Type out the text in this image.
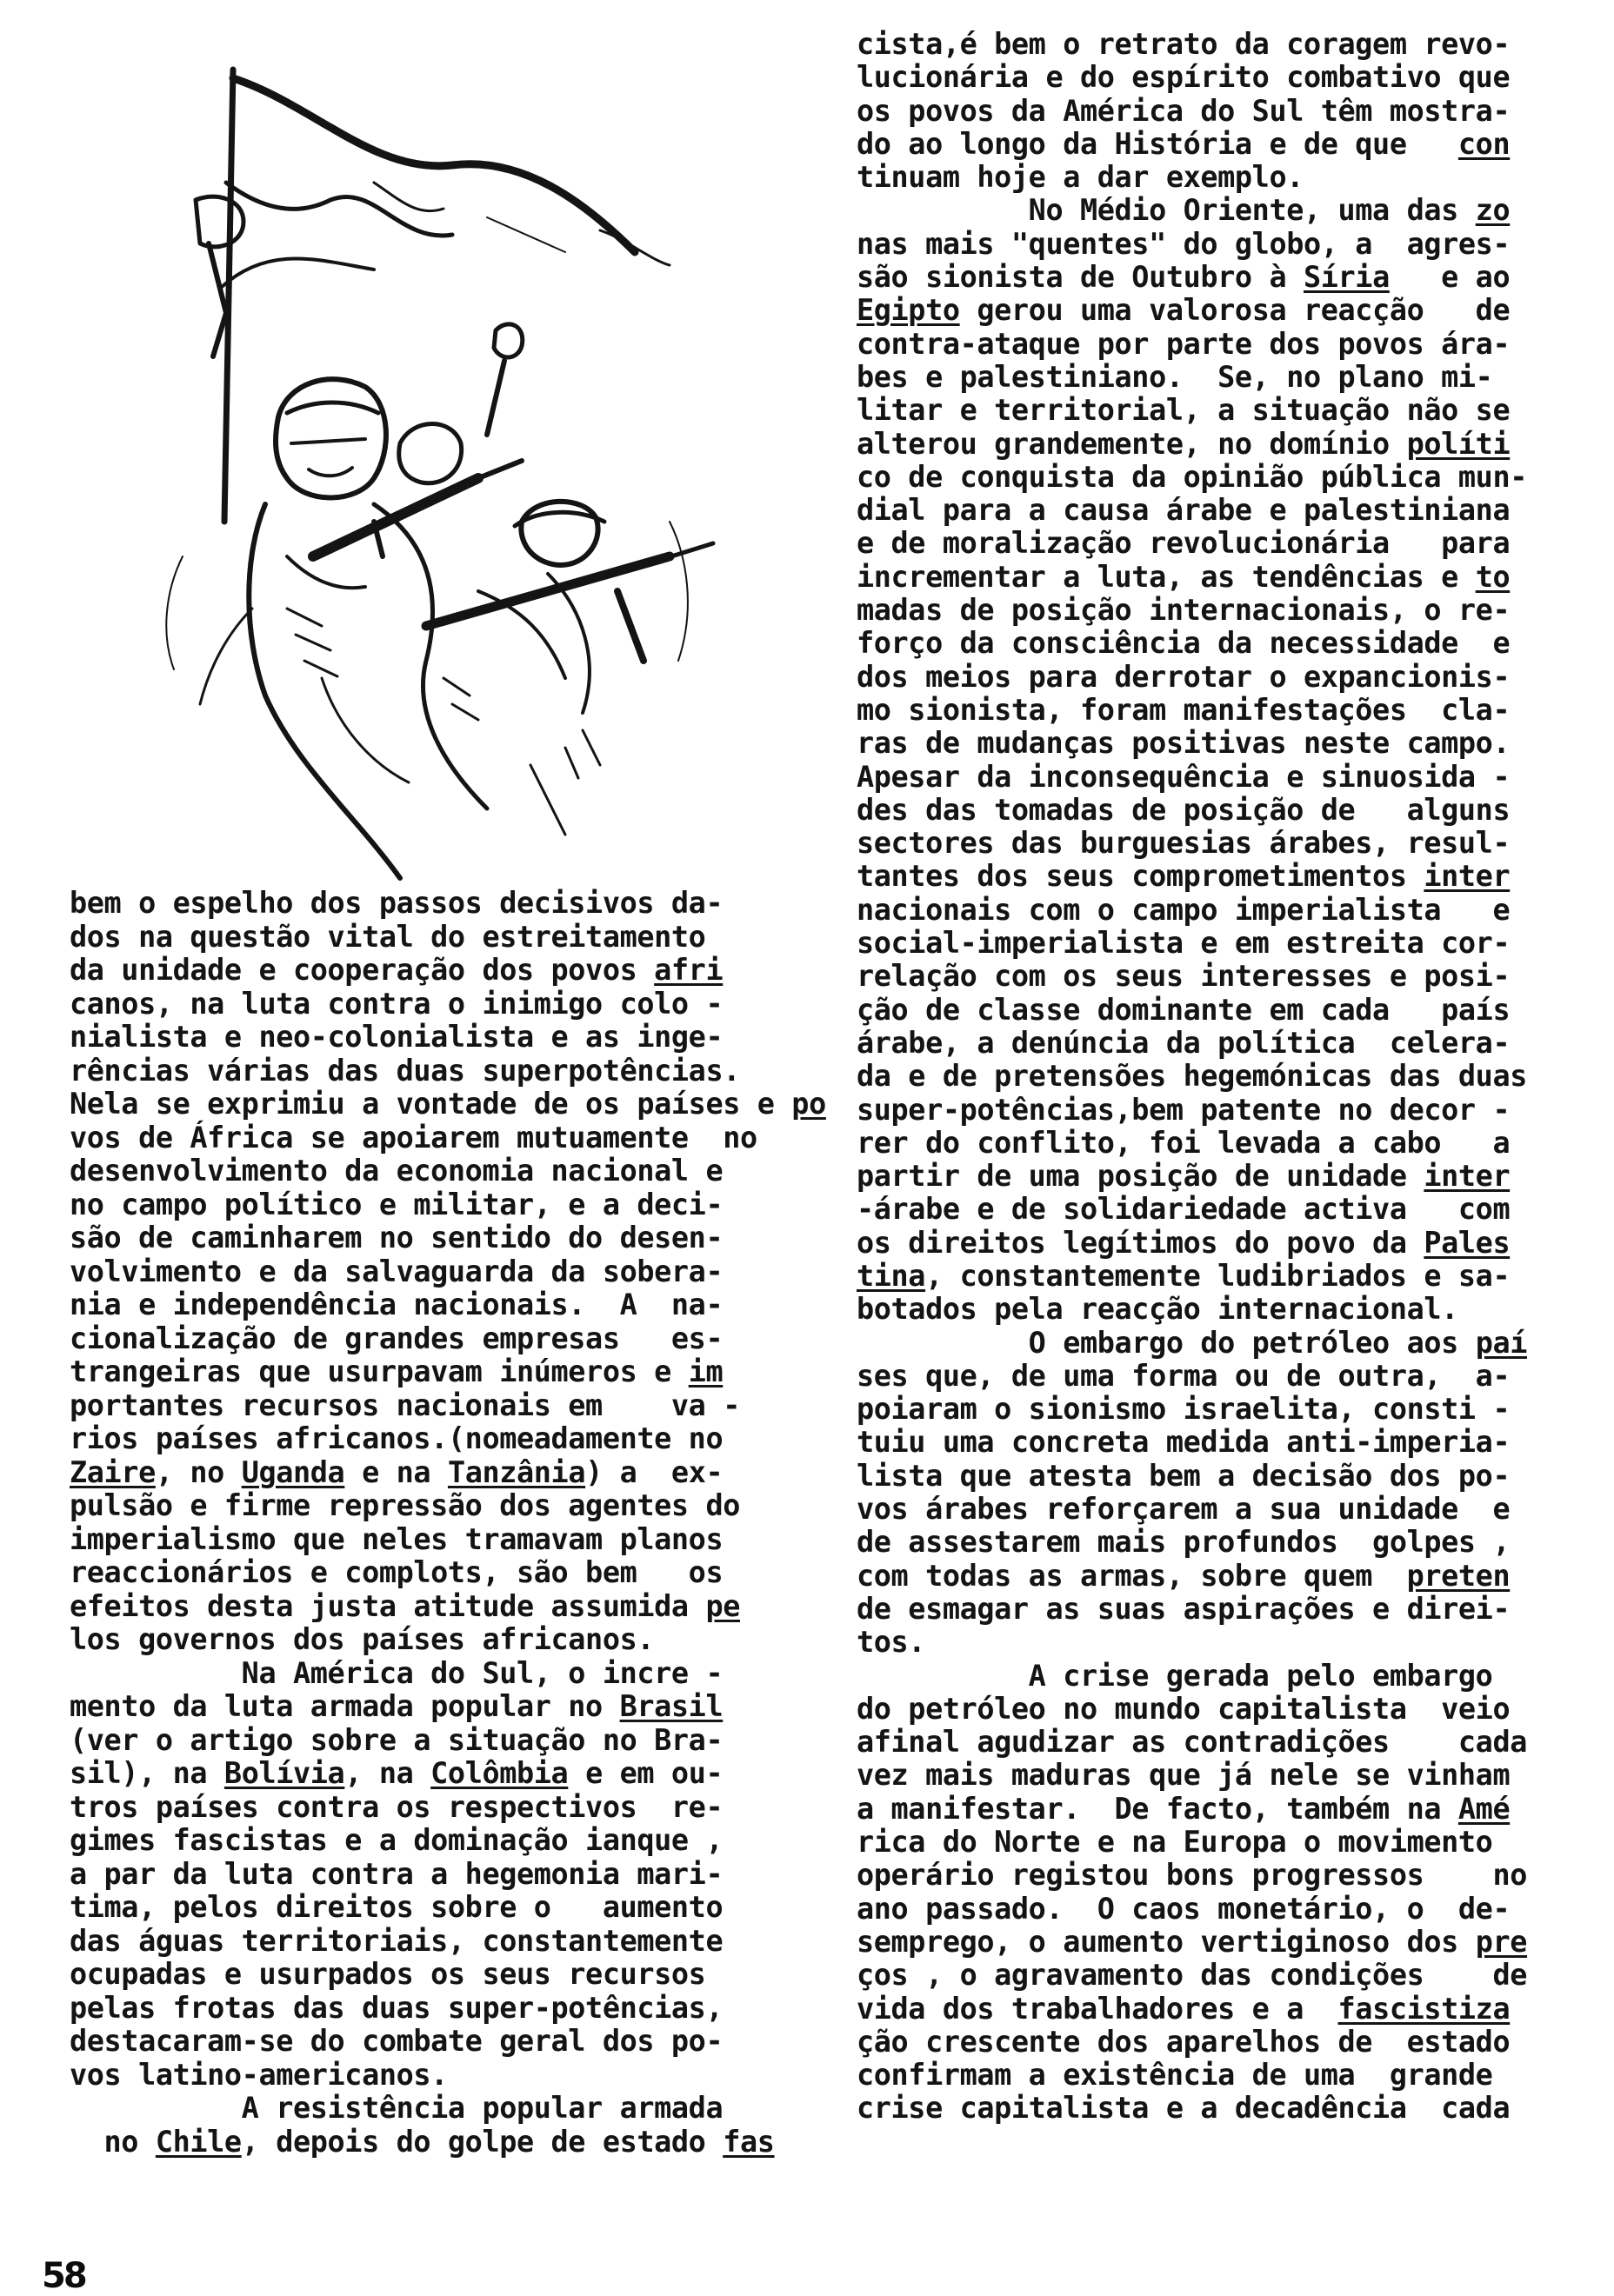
bem o espelho dos passos decisivos da-
dos na questão vital do estreitamento
da unidade e cooperação dos povos afri
canos, na luta contra o inimigo colo -
nialista e neo-colonialista e as inge-
rências várias das duas superpotências.
Nela se exprimiu a vontade de os países e po
vos de África se apoiarem mutuamente  no
desenvolvimento da economia nacional e
no campo político e militar, e a deci-
são de caminharem no sentido do desen-
volvimento e da salvaguarda da sobera-
nia e independência nacionais.  A  na-
cionalização de grandes empresas   es-
trangeiras que usurpavam inúmeros e im
portantes recursos nacionais em    va -
rios países africanos.(nomeadamente no
Zaire, no Uganda e na Tanzânia) a  ex-
pulsão e firme repressão dos agentes do
imperialismo que neles tramavam planos
reaccionários e complots, são bem   os
efeitos desta justa atitude assumida pe
los governos dos países africanos.
Na América do Sul, o incre -
mento da luta armada popular no Brasil
(ver o artigo sobre a situação no Bra-
sil), na Bolívia, na Colômbia e em ou-
tros países contra os respectivos  re-
gimes fascistas e a dominação ianque ,
a par da luta contra a hegemonia mari-
tima, pelos direitos sobre o   aumento
das águas territoriais, constantemente
ocupadas e usurpados os seus recursos
pelas frotas das duas super-potências,
destacaram-se do combate geral dos po-
vos latino-americanos.
A resistência popular armada
no Chile, depois do golpe de estado fas
cista,é bem o retrato da coragem revo-
lucionária e do espírito combativo que
os povos da América do Sul têm mostra-
do ao longo da História e de que   con
tinuam hoje a dar exemplo.
No Médio Oriente, uma das zo
nas mais "quentes" do globo, a  agres-
são sionista de Outubro à Síria   e ao
Egipto gerou uma valorosa reacção   de
contra-ataque por parte dos povos ára-
bes e palestiniano.  Se, no plano mi-
litar e territorial, a situação não se
alterou grandemente, no domínio políti
co de conquista da opinião pública mun-
dial para a causa árabe e palestiniana
e de moralização revolucionária   para
incrementar a luta, as tendências e to
madas de posição internacionais, o re-
forço da consciência da necessidade  e
dos meios para derrotar o expancionis-
mo sionista, foram manifestações  cla-
ras de mudanças positivas neste campo.
Apesar da inconsequência e sinuosida -
des das tomadas de posição de   alguns
sectores das burguesias árabes, resul-
tantes dos seus comprometimentos inter
nacionais com o campo imperialista   e
social-imperialista e em estreita cor-
relação com os seus interesses e posi-
ção de classe dominante em cada   país
árabe, a denúncia da política  celera-
da e de pretensões hegemónicas das duas
super-potências,bem patente no decor -
rer do conflito, foi levada a cabo   a
partir de uma posição de unidade inter
-árabe e de solidariedade activa   com
os direitos legítimos do povo da Pales
tina, constantemente ludibriados e sa-
botados pela reacção internacional.
O embargo do petróleo aos paí
ses que, de uma forma ou de outra,  a-
poiaram o sionismo israelita, consti -
tuiu uma concreta medida anti-imperia-
lista que atesta bem a decisão dos po-
vos árabes reforçarem a sua unidade  e
de assestarem mais profundos  golpes ,
com todas as armas, sobre quem  preten
de esmagar as suas aspirações e direi-
tos.
A crise gerada pelo embargo
do petróleo no mundo capitalista  veio
afinal agudizar as contradições    cada
vez mais maduras que já nele se vinham
a manifestar.  De facto, também na Amé
rica do Norte e na Europa o movimento
operário registou bons progressos    no
ano passado.  O caos monetário, o  de-
semprego, o aumento vertiginoso dos pre
ços , o agravamento das condições    de
vida dos trabalhadores e a  fascistiza
ção crescente dos aparelhos de  estado
confirmam a existência de uma  grande
crise capitalista e a decadência  cada
58
